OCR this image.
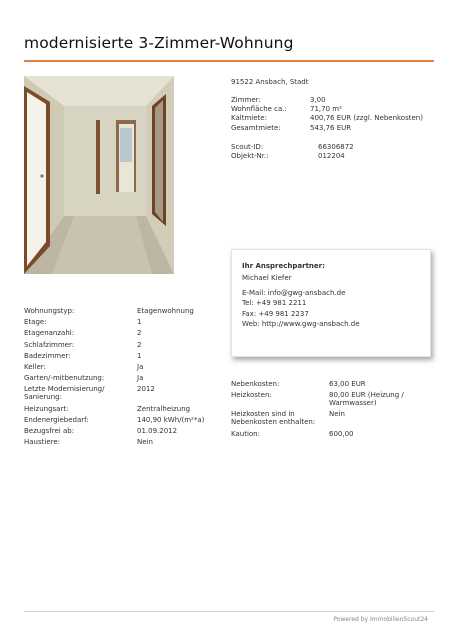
modernisierte 3-Zimmer-Wohnung
91522 Ansbach, Stadt
Zimmer:	3,00
Wohnfläche ca.:	71,70 m²
Kaltmiete:	400,76 EUR (zzgl. Nebenkosten)
Gesamtmiete:	543,76 EUR
Scout-ID:	66306872
Objekt-Nr.:	012204
Ihr Ansprechpartner:
Michael Kiefer
E-Mail: info@gwg-ansbach.de
Tel: +49 981 2211
Fax: +49 981 2237
Web: http://www.gwg-ansbach.de
Wohnungstyp:	Etagenwohnung
Etage:	1
Etagenanzahl:	2
Schlafzimmer:	2
Badezimmer:	1
Keller:	Ja
Garten/-mitbenutzung:	Ja
Letzte Modernisierung/ Sanierung:
2012
Heizungsart:	Zentralheizung
Endenergiebedarf:	140,90 kWh/(m²*a)
Bezugsfrei ab:	01.09.2012
Haustiere:	Nein
Nebenkosten:	63,00 EUR
Heizkosten:	80,00 EUR (Heizung / Warmwasser)
Heizkosten sind in Nebenkosten enthalten:
Nein
Kaution:	600,00
Powered by ImmobilienScout24
